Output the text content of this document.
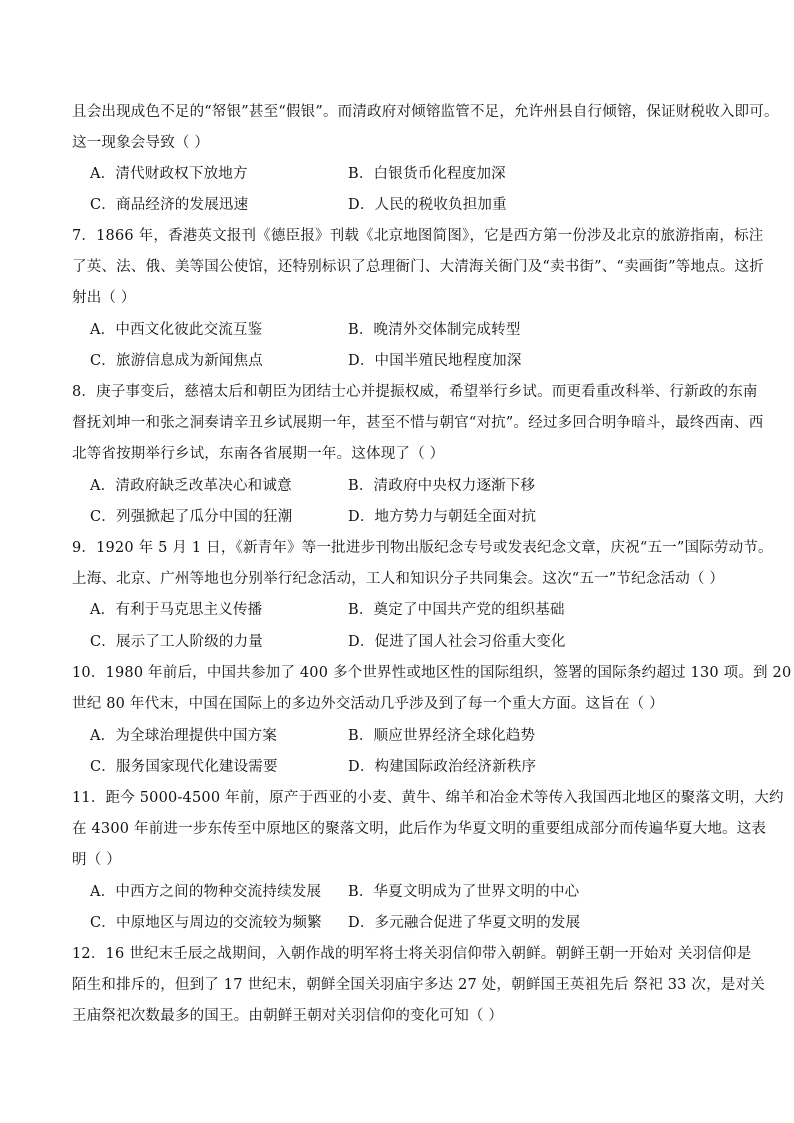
且会出现成色不足的“帑银”甚至“假银”。而清政府对倾镕监管不足，允许州县自行倾镕，保证财税收入即可。
这一现象会导致（ ）
A．清代财政权下放地方	B．白银货币化程度加深
C．商品经济的发展迅速	D．人民的税收负担加重
7．1866 年，香港英文报刊《德臣报》刊载《北京地图简图》，它是西方第一份涉及北京的旅游指南，标注
了英、法、俄、美等国公使馆，还特别标识了总理衙门、大清海关衙门及“卖书街”、“卖画街”等地点。这折
射出（ ）
A．中西文化彼此交流互鉴	B．晚清外交体制完成转型
C．旅游信息成为新闻焦点	D．中国半殖民地程度加深
8．庚子事变后，慈禧太后和朝臣为团结士心并提振权威，希望举行乡试。而更看重改科举、行新政的东南
督抚刘坤一和张之洞奏请辛丑乡试展期一年，甚至不惜与朝官“对抗”。经过多回合明争暗斗，最终西南、西
北等省按期举行乡试，东南各省展期一年。这体现了（ ）
A．清政府缺乏改革决心和诚意	B．清政府中央权力逐渐下移
C．列强掀起了瓜分中国的狂潮	D．地方势力与朝廷全面对抗
9．1920 年 5 月 1 日，《新青年》等一批进步刊物出版纪念专号或发表纪念文章，庆祝“五一”国际劳动节。
上海、北京、广州等地也分别举行纪念活动，工人和知识分子共同集会。这次“五一”节纪念活动（ ）
A．有利于马克思主义传播	B．奠定了中国共产党的组织基础
C．展示了工人阶级的力量	D．促进了国人社会习俗重大变化
10．1980 年前后，中国共参加了 400 多个世界性或地区性的国际组织，签署的国际条约超过 130 项。到 20
世纪 80 年代末，中国在国际上的多边外交活动几乎涉及到了每一个重大方面。这旨在（ ）
A．为全球治理提供中国方案	B．顺应世界经济全球化趋势
C．服务国家现代化建设需要	D．构建国际政治经济新秩序
11．距今 5000-4500 年前，原产于西亚的小麦、黄牛、绵羊和冶金术等传入我国西北地区的聚落文明，大约
在 4300 年前进一步东传至中原地区的聚落文明，此后作为华夏文明的重要组成部分而传遍华夏大地。这表
明（ ）
A．中西方之间的物种交流持续发展 B．华夏文明成为了世界文明的中心
C．中原地区与周边的交流较为频繁 D．多元融合促进了华夏文明的发展
12．16 世纪末壬辰之战期间，入朝作战的明军将士将关羽信仰带入朝鲜。朝鲜王朝一开始对 关羽信仰是
陌生和排斥的，但到了 17 世纪末，朝鲜全国关羽庙宇多达 27 处，朝鲜国王英祖先后 祭祀 33 次，是对关
王庙祭祀次数最多的国王。由朝鲜王朝对关羽信仰的变化可知（ ）
